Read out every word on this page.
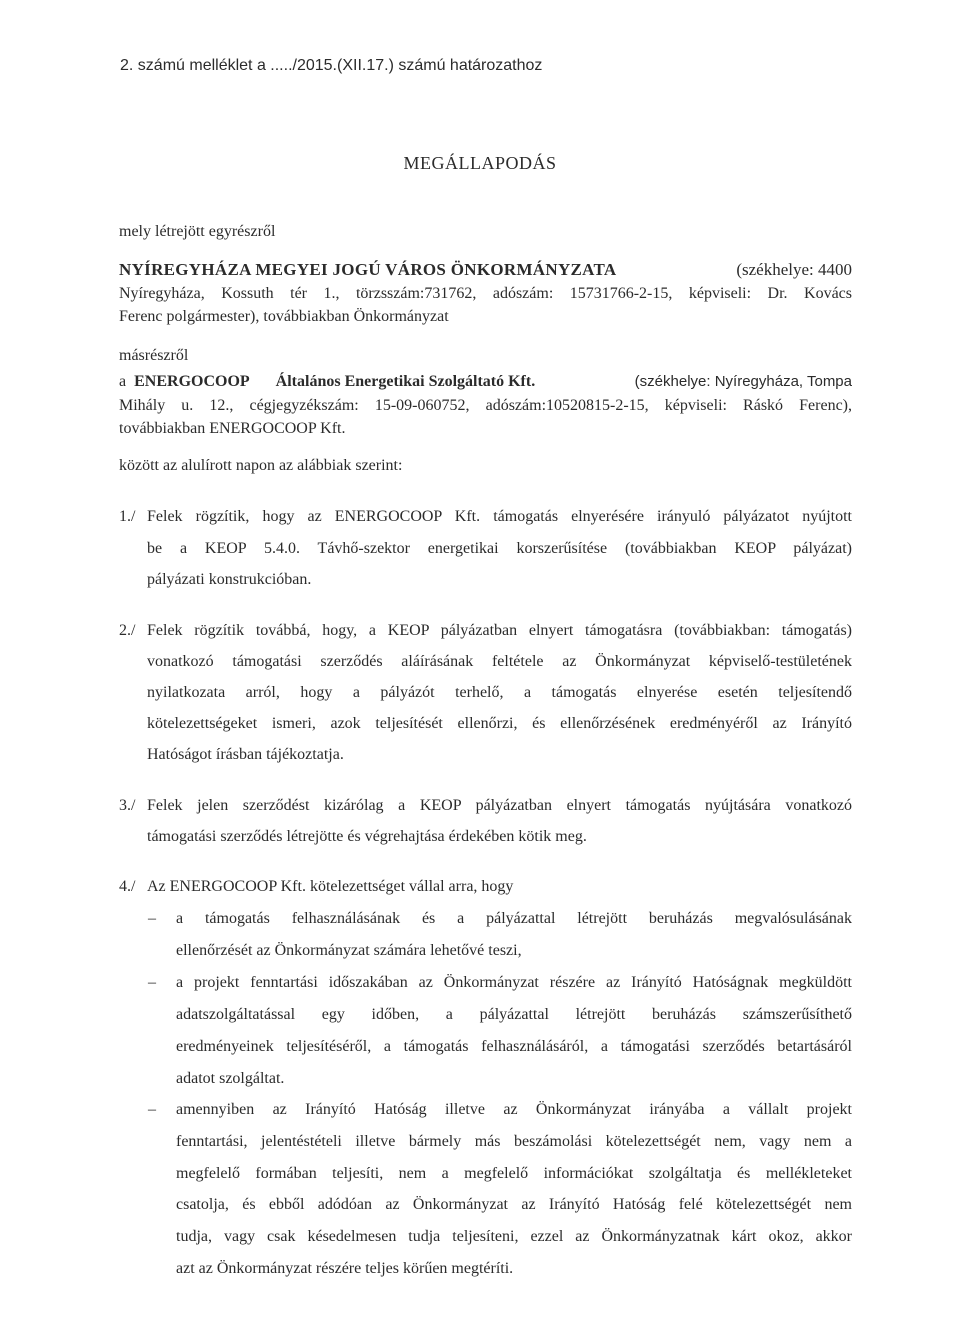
2. számú melléklet a ...../2015.(XII.17.) számú határozathoz

MEGÁLLAPODÁS

mely létrejött egyrészről

NYÍREGYHÁZA MEGYEI JOGÚ VÁROS ÖNKORMÁNYZATA	(székhelye: 4400

Nyíregyháza, Kossuth tér 1., törzsszám:731762, adószám: 15731766-2-15, képviseli: Dr. Kovács

Ferenc polgármester), továbbiakban Önkormányzat

másrészről

a ENERGOCOOP Általános Energetikai Szolgáltató Kft.	(székhelye: Nyíregyháza, Tompa

Mihály u. 12., cégjegyzékszám: 15-09-060752, adószám:10520815-2-15, képviseli: Ráskó Ferenc),

továbbiakban ENERGOCOOP Kft.

között az alulírott napon az alábbiak szerint:

1./ Felek rögzítik, hogy az ENERGOCOOP Kft. támogatás elnyerésére irányuló pályázatot nyújtott

be a KEOP 5.4.0. Távhő-szektor energetikai korszerűsítése (továbbiakban KEOP pályázat)

pályázati konstrukcióban.

2./ Felek rögzítik továbbá, hogy, a KEOP pályázatban elnyert támogatásra (továbbiakban: támogatás)

vonatkozó támogatási szerződés aláírásának feltétele az Önkormányzat képviselő-testületének

nyilatkozata arról, hogy a pályázót terhelő, a támogatás elnyerése esetén teljesítendő

kötelezettségeket ismeri, azok teljesítését ellenőrzi, és ellenőrzésének eredményéről az Irányító

Hatóságot írásban tájékoztatja.

3./ Felek jelen szerződést kizárólag a KEOP pályázatban elnyert támogatás nyújtására vonatkozó

támogatási szerződés létrejötte és végrehajtása érdekében kötik meg.

4./ Az ENERGOCOOP Kft. kötelezettséget vállal arra, hogy

– a támogatás felhasználásának és a pályázattal létrejött beruházás megvalósulásának

ellenőrzését az Önkormányzat számára lehetővé teszi,

– a projekt fenntartási időszakában az Önkormányzat részére az Irányító Hatóságnak megküldött

adatszolgáltatással egy időben, a pályázattal létrejött beruházás számszerűsíthető

eredményeinek teljesítéséről, a támogatás felhasználásáról, a támogatási szerződés betartásáról

adatot szolgáltat.

– amennyiben az Irányító Hatóság illetve az Önkormányzat irányába a vállalt projekt

fenntartási, jelentéstételi illetve bármely más beszámolási kötelezettségét nem, vagy nem a

megfelelő formában teljesíti, nem a megfelelő információkat szolgáltatja és mellékleteket

csatolja, és ebből adódóan az Önkormányzat az Irányító Hatóság felé kötelezettségét nem

tudja, vagy csak késedelmesen tudja teljesíteni, ezzel az Önkormányzatnak kárt okoz, akkor

azt az Önkormányzat részére teljes körűen megtéríti.
